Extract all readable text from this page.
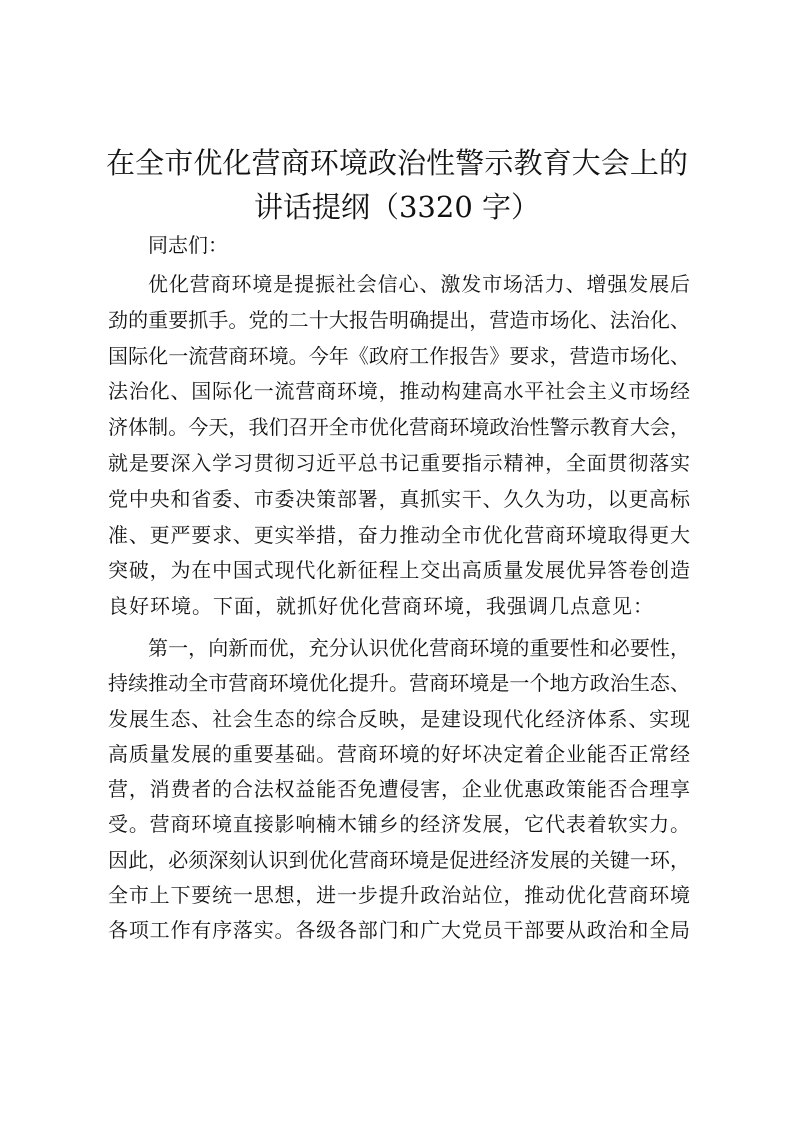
在全市优化营商环境政治性警示教育大会上的
讲话提纲（3320 字）
同志们：
优化营商环境是提振社会信心、激发市场活力、增强发展后
劲的重要抓手。党的二十大报告明确提出，营造市场化、法治化、
国际化一流营商环境。今年《政府工作报告》要求，营造市场化、
法治化、国际化一流营商环境，推动构建高水平社会主义市场经
济体制。今天，我们召开全市优化营商环境政治性警示教育大会，
就是要深入学习贯彻习近平总书记重要指示精神，全面贯彻落实
党中央和省委、市委决策部署，真抓实干、久久为功，以更高标
准、更严要求、更实举措，奋力推动全市优化营商环境取得更大
突破，为在中国式现代化新征程上交出高质量发展优异答卷创造
良好环境。下面，就抓好优化营商环境，我强调几点意见：
第一，向新而优，充分认识优化营商环境的重要性和必要性，
持续推动全市营商环境优化提升。营商环境是一个地方政治生态、
发展生态、社会生态的综合反映，是建设现代化经济体系、实现
高质量发展的重要基础。营商环境的好坏决定着企业能否正常经
营，消费者的合法权益能否免遭侵害，企业优惠政策能否合理享
受。营商环境直接影响楠木铺乡的经济发展，它代表着软实力。
因此，必须深刻认识到优化营商环境是促进经济发展的关键一环，
全市上下要统一思想，进一步提升政治站位，推动优化营商环境
各项工作有序落实。各级各部门和广大党员干部要从政治和全局
